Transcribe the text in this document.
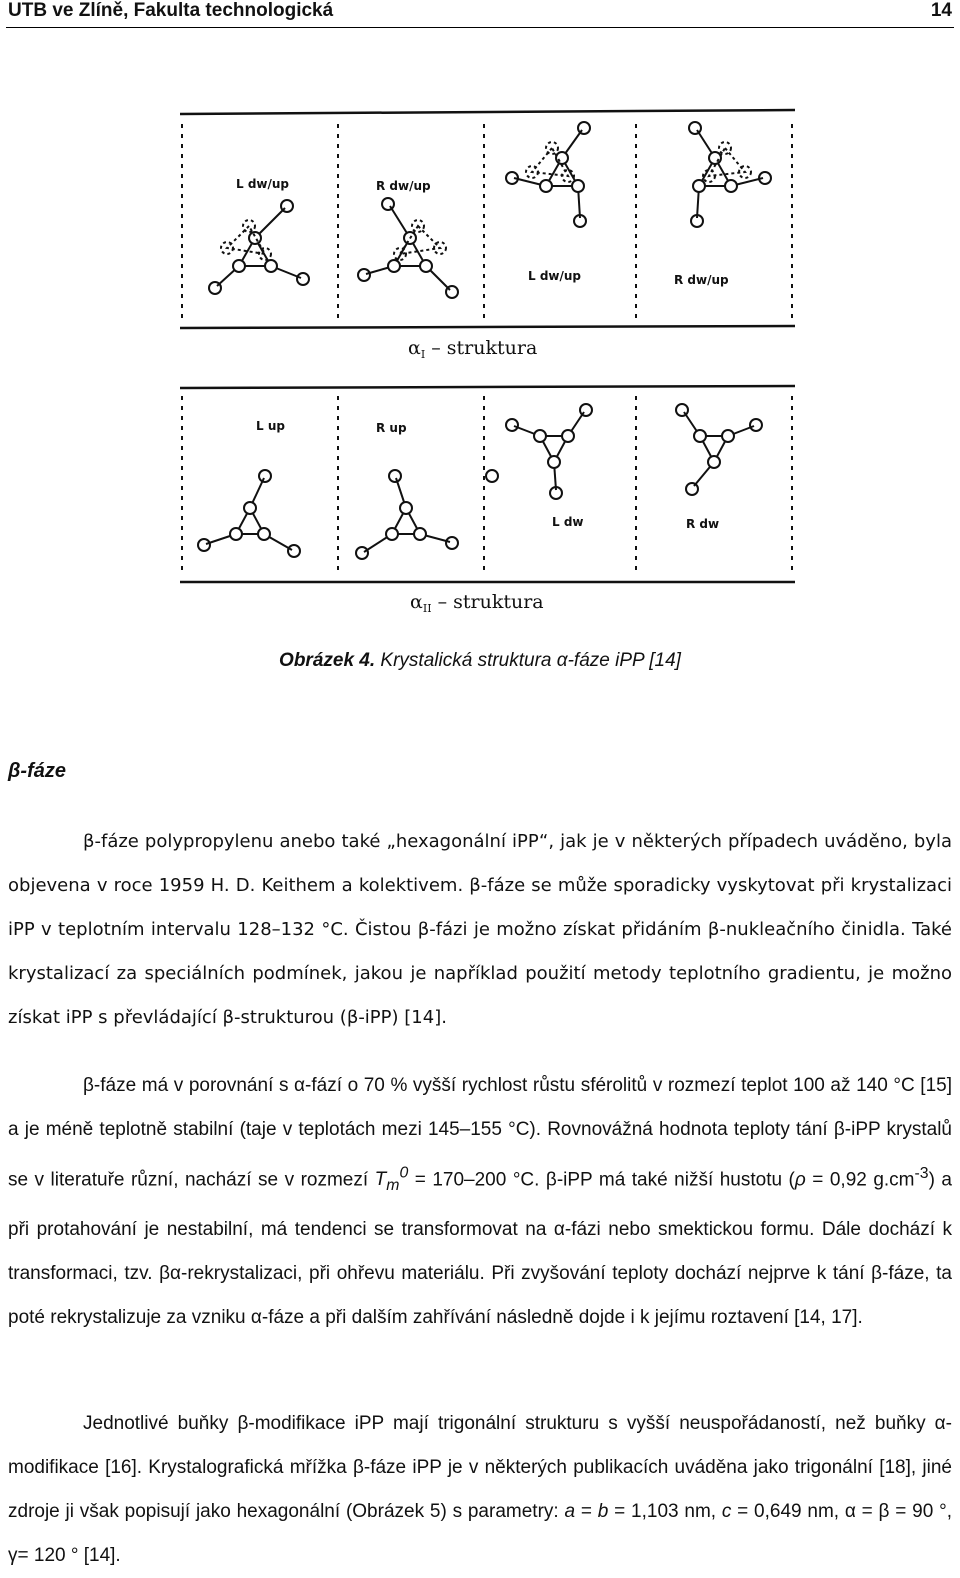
UTB ve Zlíně, Fakulta technologická	14
L dw/up	R dw/up
L dw/up	R dw/up
$\alpha_I$ – struktura
L up	R up
L dw	R dw
$\alpha_{II}$ – struktura
Obrázek 4. Krystalická struktura α-fáze iPP [14]
β-fáze
β-fáze polypropylenu anebo také „hexagonální iPP“, jak je v některých případech uváděno, byla objevena v roce 1959 H. D. Keithem a kolektivem. β-fáze se může sporadicky vyskytovat při krystalizaci iPP v teplotním intervalu 128–132 °C. Čistou β-fázi je možno získat přidáním β-nukleačního činidla. Také krystalizací za speciálních podmínek, jakou je například použití metody teplotního gradientu, je možno získat iPP s převládající β-strukturou (β-iPP) [14].
β-fáze má v porovnání s α-fází o 70 % vyšší rychlost růstu sférolitů v rozmezí teplot 100 až 140 °C [15] a je méně teplotně stabilní (taje v teplotách mezi 145–155 °C). Rovnovážná hodnota teploty tání β-iPP krystalů se v literatuře různí, nachází se v rozmezí $T_m^0 = 170-200$ °C. β-iPP má také nižší hustotu (ρ = 0,92 $g.cm^{-3}$) a při protahování je nestabilní, má tendenci se transformovat na α-fázi nebo smektickou formu. Dále dochází k transformaci, tzv. βα-rekrystalizaci, při ohřevu materiálu. Při zvyšování teploty dochází nejprve k tání β-fáze, ta poté rekrystalizuje za vzniku α-fáze a při dalším zahřívání následně dojde i k jejímu roztavení [14, 17].
Jednotlivé buňky β-modifikace iPP mají trigonální strukturu s vyšší neuspořádaností, než buňky α-modifikace [16]. Krystalografická mřížka β-fáze iPP je v některých publikacích uváděna jako trigonální [18], jiné zdroje ji však popisují jako hexagonální (Obrázek 5) s parametry: a = b = 1,103 nm, c = 0,649 nm, α = β = 90 °, γ= 120 ° [14].
